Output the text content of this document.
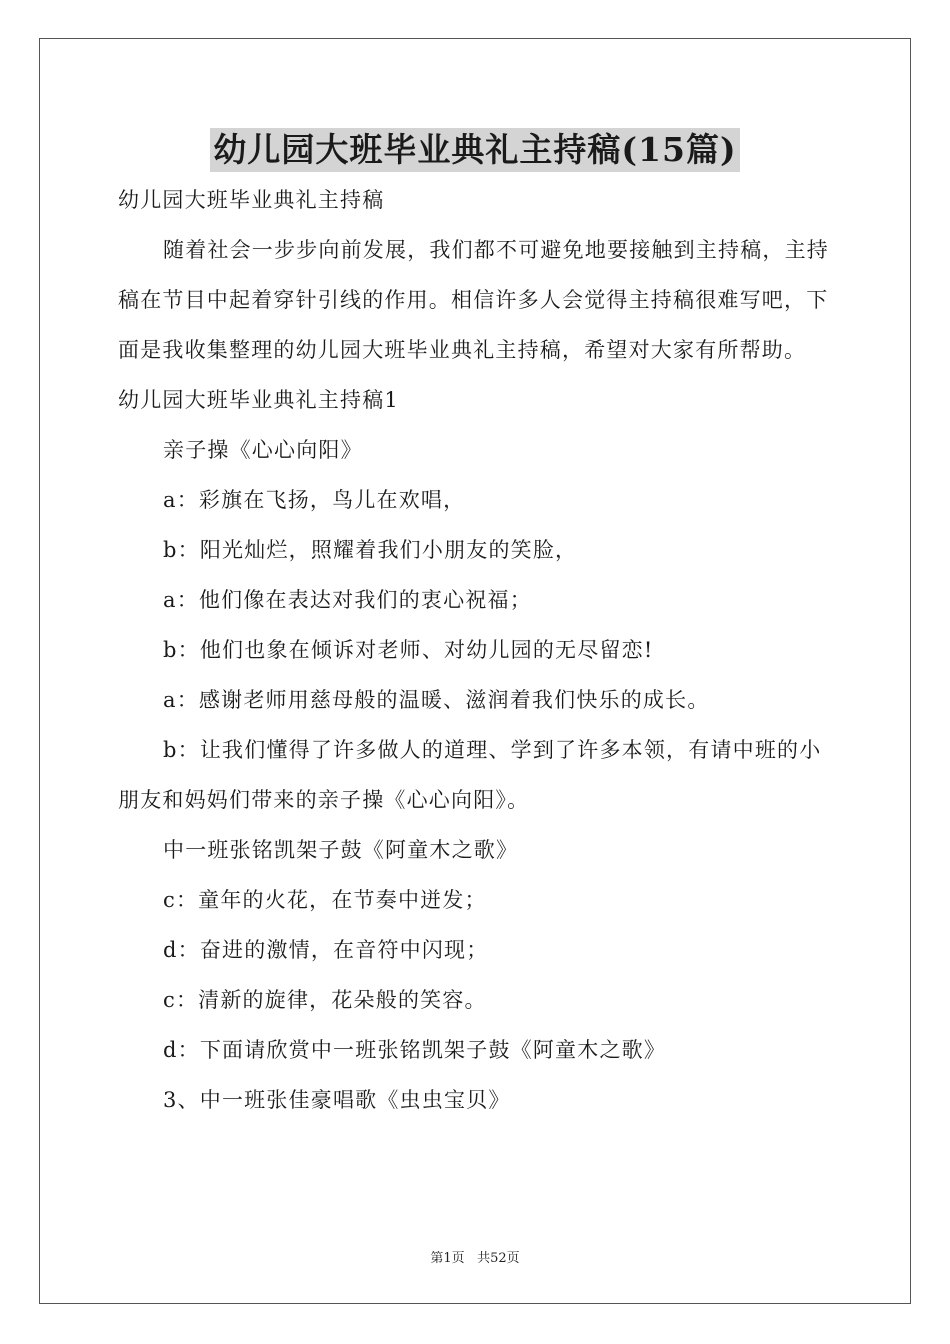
幼儿园大班毕业典礼主持稿(15篇)

幼儿园大班毕业典礼主持稿

随着社会一步步向前发展，我们都不可避免地要接触到主持稿，主持稿在节目中起着穿针引线的作用。相信许多人会觉得主持稿很难写吧，下面是我收集整理的幼儿园大班毕业典礼主持稿，希望对大家有所帮助。

幼儿园大班毕业典礼主持稿1

亲子操《心心向阳》

a：彩旗在飞扬，鸟儿在欢唱，

b：阳光灿烂，照耀着我们小朋友的笑脸，

a：他们像在表达对我们的衷心祝福；

b：他们也象在倾诉对老师、对幼儿园的无尽留恋!

a：感谢老师用慈母般的温暖、滋润着我们快乐的成长。

b：让我们懂得了许多做人的道理、学到了许多本领，有请中班的小朋友和妈妈们带来的亲子操《心心向阳》。

中一班张铭凯架子鼓《阿童木之歌》

c：童年的火花，在节奏中迸发；

d：奋进的激情，在音符中闪现；

c：清新的旋律，花朵般的笑容。

d：下面请欣赏中一班张铭凯架子鼓《阿童木之歌》

3、中一班张佳豪唱歌《虫虫宝贝》

第1页 共52页
